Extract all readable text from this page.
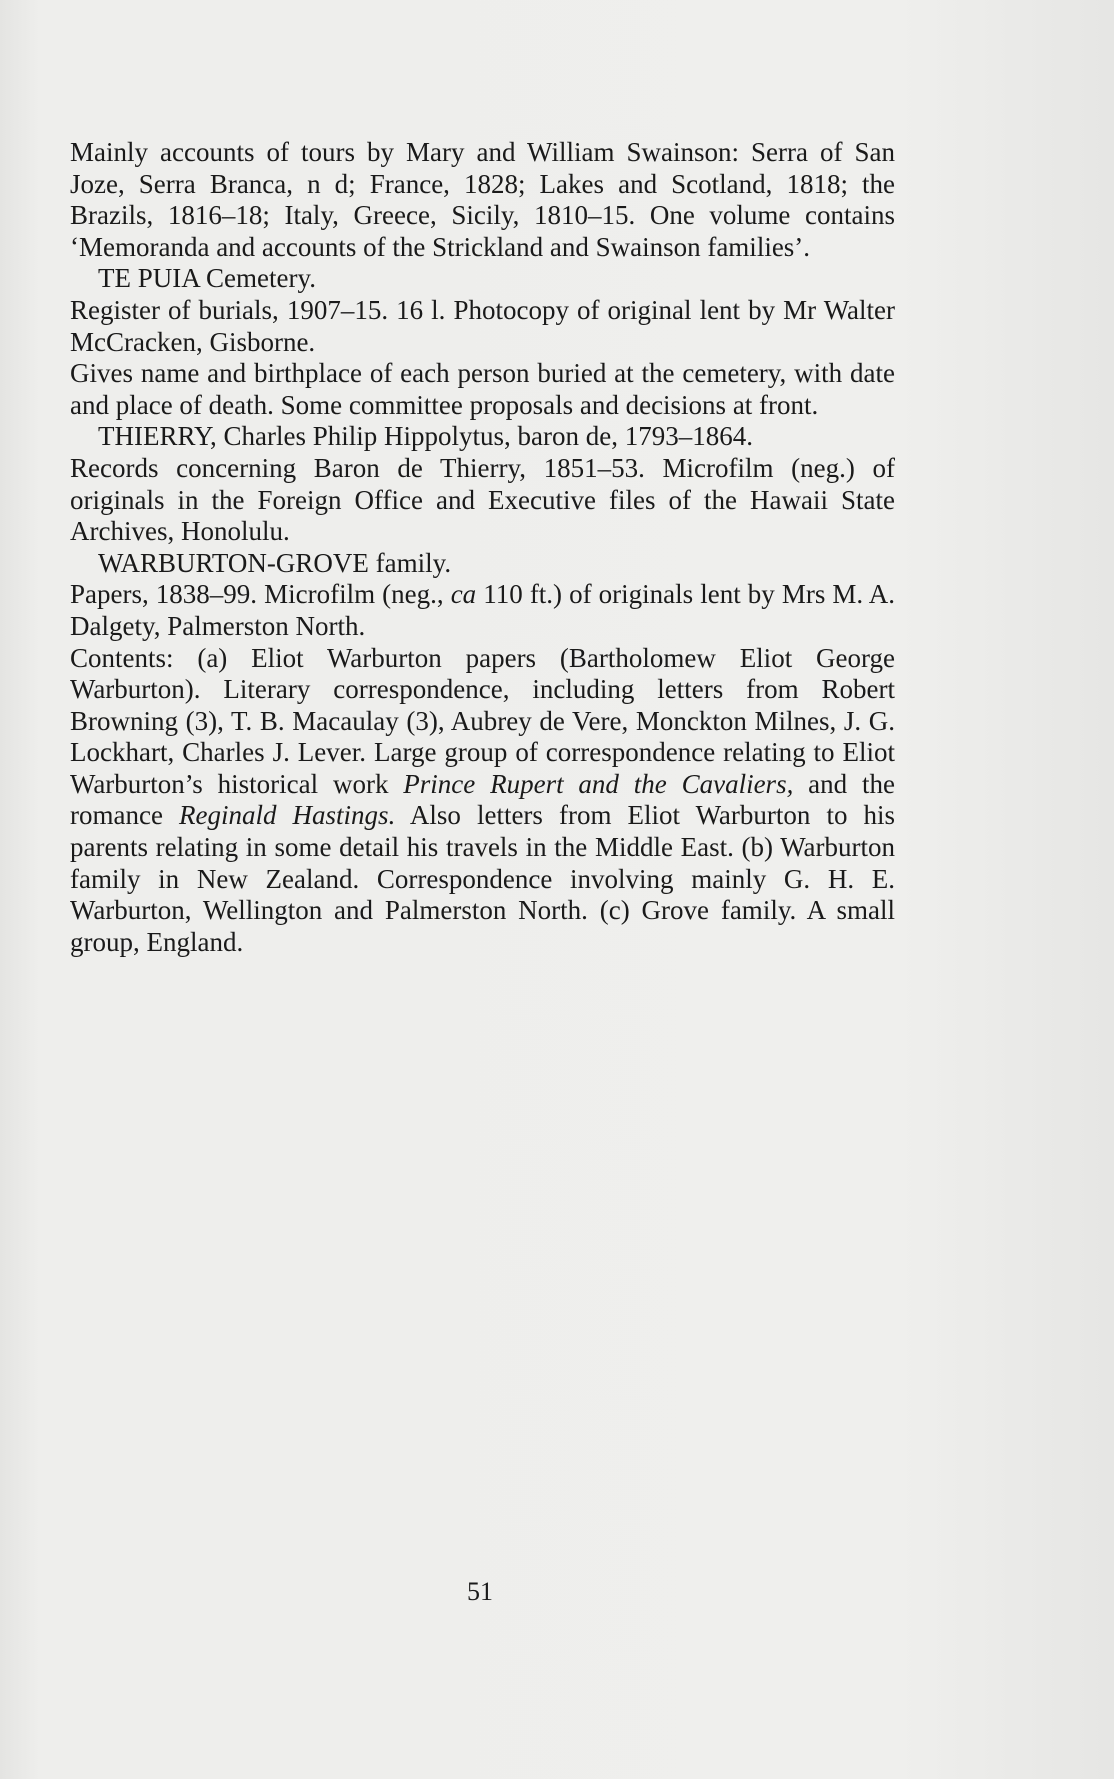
Mainly accounts of tours by Mary and William Swainson: Serra of San Joze, Serra Branca, n d; France, 1828; Lakes and Scotland, 1818; the Brazils, 1816–18; Italy, Greece, Sicily, 1810–15. One volume contains ‘Memoranda and accounts of the Strickland and Swainson families’.

TE PUIA Cemetery.

Register of burials, 1907–15. 16 l. Photocopy of original lent by Mr Walter McCracken, Gisborne.

Gives name and birthplace of each person buried at the cemetery, with date and place of death. Some committee proposals and decisions at front.

THIERRY, Charles Philip Hippolytus, baron de, 1793–1864.

Records concerning Baron de Thierry, 1851–53. Microfilm (neg.) of originals in the Foreign Office and Executive files of the Hawaii State Archives, Honolulu.

WARBURTON-GROVE family.

Papers, 1838–99. Microfilm (neg., ca 110 ft.) of originals lent by Mrs M. A. Dalgety, Palmerston North.

Contents: (a) Eliot Warburton papers (Bartholomew Eliot George Warburton). Literary correspondence, including letters from Robert Browning (3), T. B. Macaulay (3), Aubrey de Vere, Monckton Milnes, J. G. Lockhart, Charles J. Lever. Large group of correspondence relating to Eliot Warburton’s historical work Prince Rupert and the Cavaliers, and the romance Reginald Hastings. Also letters from Eliot Warburton to his parents relating in some detail his travels in the Middle East. (b) Warburton family in New Zealand. Correspondence involving mainly G. H. E. Warburton, Wellington and Palmerston North. (c) Grove family. A small group, England.

51
